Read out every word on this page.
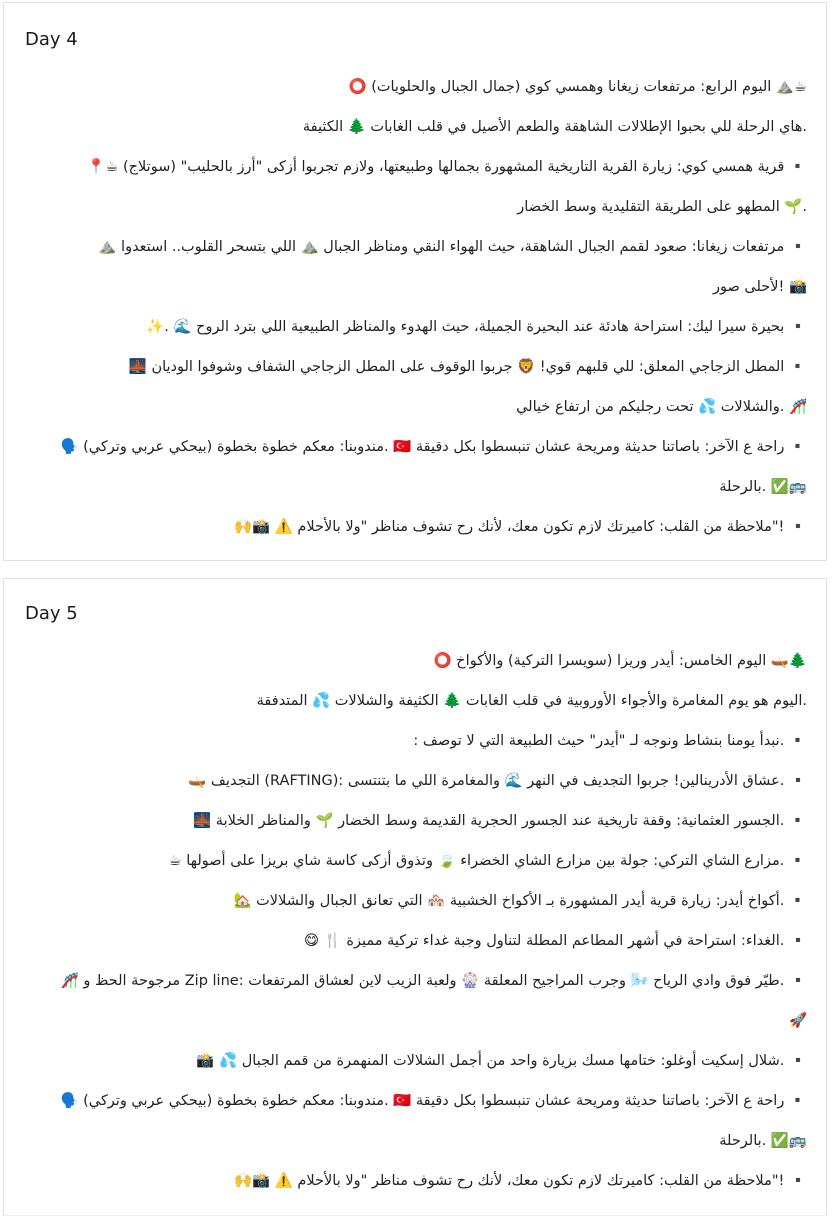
Day 4
☕⛰️ اليوم الرابع: مرتفعات زيغانا وهمسي كوي (جمال الجبال والحلويات) ⭕
.هاي الرحلة للي بحبوا الإطلالات الشاهقة والطعم الأصيل في قلب الغابات 🌲 الكثيفة
▪️ قرية همسي كوي: زيارة القرية التاريخية المشهورة بجمالها وطبيعتها، ولازم تجربوا أزكى "أرز بالحليب" (سوتلاج) ☕📍
.🌱 المطهو على الطريقة التقليدية وسط الخضار
▪️ مرتفعات زيغانا: صعود لقمم الجبال الشاهقة، حيث الهواء النقي ومناظر الجبال ⛰️ اللي بتسحر القلوب.. استعدوا ⛰️
📸 !لأحلى صور
▪️ بحيرة سيرا ليك: استراحة هادئة عند البحيرة الجميلة، حيث الهدوء والمناظر الطبيعية اللي بترد الروح 🌊 .✨
▪️ المطل الزجاجي المعلق: للي قلبهم قوي! 🦁 جربوا الوقوف على المطل الزجاجي الشفاف وشوفوا الوديان 🌉
🎢 .والشلالات 💦 تحت رجليكم من ارتفاع خيالي
▪️ راحة ع الآخر: باصاتنا حديثة ومريحة عشان تنبسطوا بكل دقيقة 🇹🇷 .مندوبنا: معكم خطوة بخطوة (بيحكي عربي وتركي) 🗣️
🚌✅ .بالرحلة
▪️ !"ملاحظة من القلب: كاميرتك لازم تكون معك، لأنك رح تشوف مناظر "ولا بالأحلام ⚠️ 📸🙌
Day 5
🌲🛶 اليوم الخامس: أيدر وريزا (سويسرا التركية) والأكواخ ⭕
.اليوم هو يوم المغامرة والأجواء الأوروبية في قلب الغابات 🌲 الكثيفة والشلالات 💦 المتدفقة
▪️ .نبدأ يومنا بنشاط ونوجه لـ "أيدر" حيث الطبيعة التي لا توصف :
▪️ .عشاق الأدرينالين! جربوا التجديف في النهر 🌊 والمغامرة اللي ما بتنتسى :(RAFTING) التجديف 🛶
▪️ .الجسور العثمانية: وقفة تاريخية عند الجسور الحجرية القديمة وسط الخضار 🌱 والمناظر الخلابة 🌉
▪️ .مزارع الشاي التركي: جولة بين مزارع الشاي الخضراء 🍃 وتذوق أزكى كاسة شاي بريزا على أصولها ☕
▪️ .أكواخ أيدر: زيارة قرية أيدر المشهورة بـ الأكواخ الخشبية 🏘️ التي تعانق الجبال والشلالات 🏡
▪️ .الغداء: استراحة في أشهر المطاعم المطلة لتناول وجبة غداء تركية مميزة 🍴 😋
▪️ .طيّر فوق وادي الرياح 🌬️ وجرب المراجيح المعلقة 🎡 ولعبة الزيب لاين لعشاق المرتفعات :Zip line مرجوحة الحظ و 🎢
🚀
▪️ .شلال إسكيت أوغلو: ختامها مسك بزيارة واحد من أجمل الشلالات المنهمرة من قمم الجبال 💦 📸
▪️ راحة ع الآخر: باصاتنا حديثة ومريحة عشان تنبسطوا بكل دقيقة 🇹🇷 .مندوبنا: معكم خطوة بخطوة (بيحكي عربي وتركي) 🗣️
🚌✅ .بالرحلة
▪️ !"ملاحظة من القلب: كاميرتك لازم تكون معك، لأنك رح تشوف مناظر "ولا بالأحلام ⚠️ 📸🙌
